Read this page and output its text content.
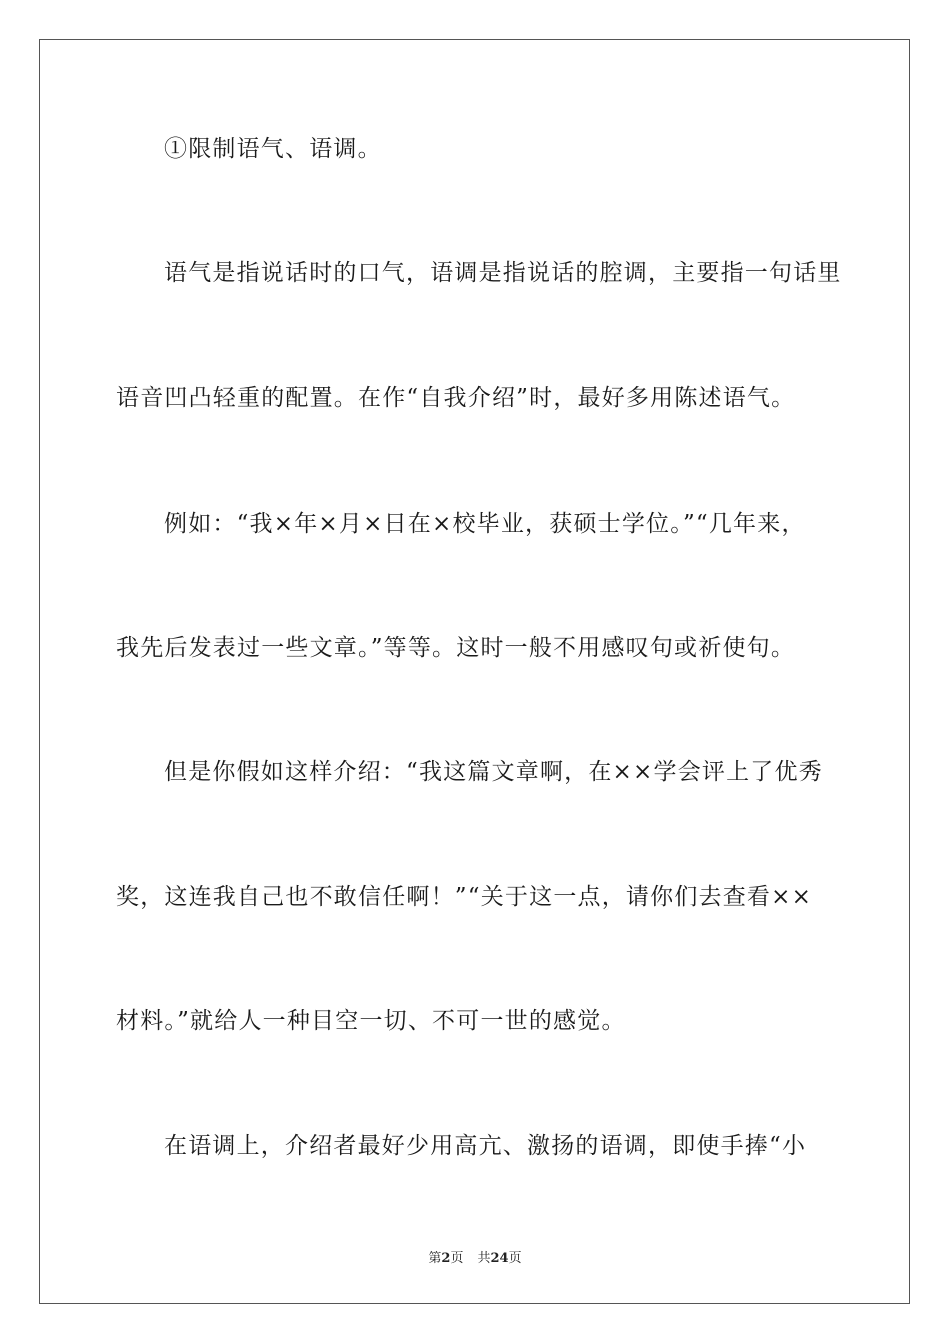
①限制语气、语调。
语气是指说话时的口气，语调是指说话的腔调，主要指一句话里
语音凹凸轻重的配置。在作“自我介绍”时，最好多用陈述语气。
例如：“我×年×月×日在×校毕业，获硕士学位。”“几年来，
我先后发表过一些文章。”等等。这时一般不用感叹句或祈使句。
但是你假如这样介绍：“我这篇文章啊，在××学会评上了优秀
奖，这连我自己也不敢信任啊！”“关于这一点，请你们去查看××
材料。”就给人一种目空一切、不可一世的感觉。
在语调上，介绍者最好少用高亢、激扬的语调，即使手捧“小
第2页 共24页
